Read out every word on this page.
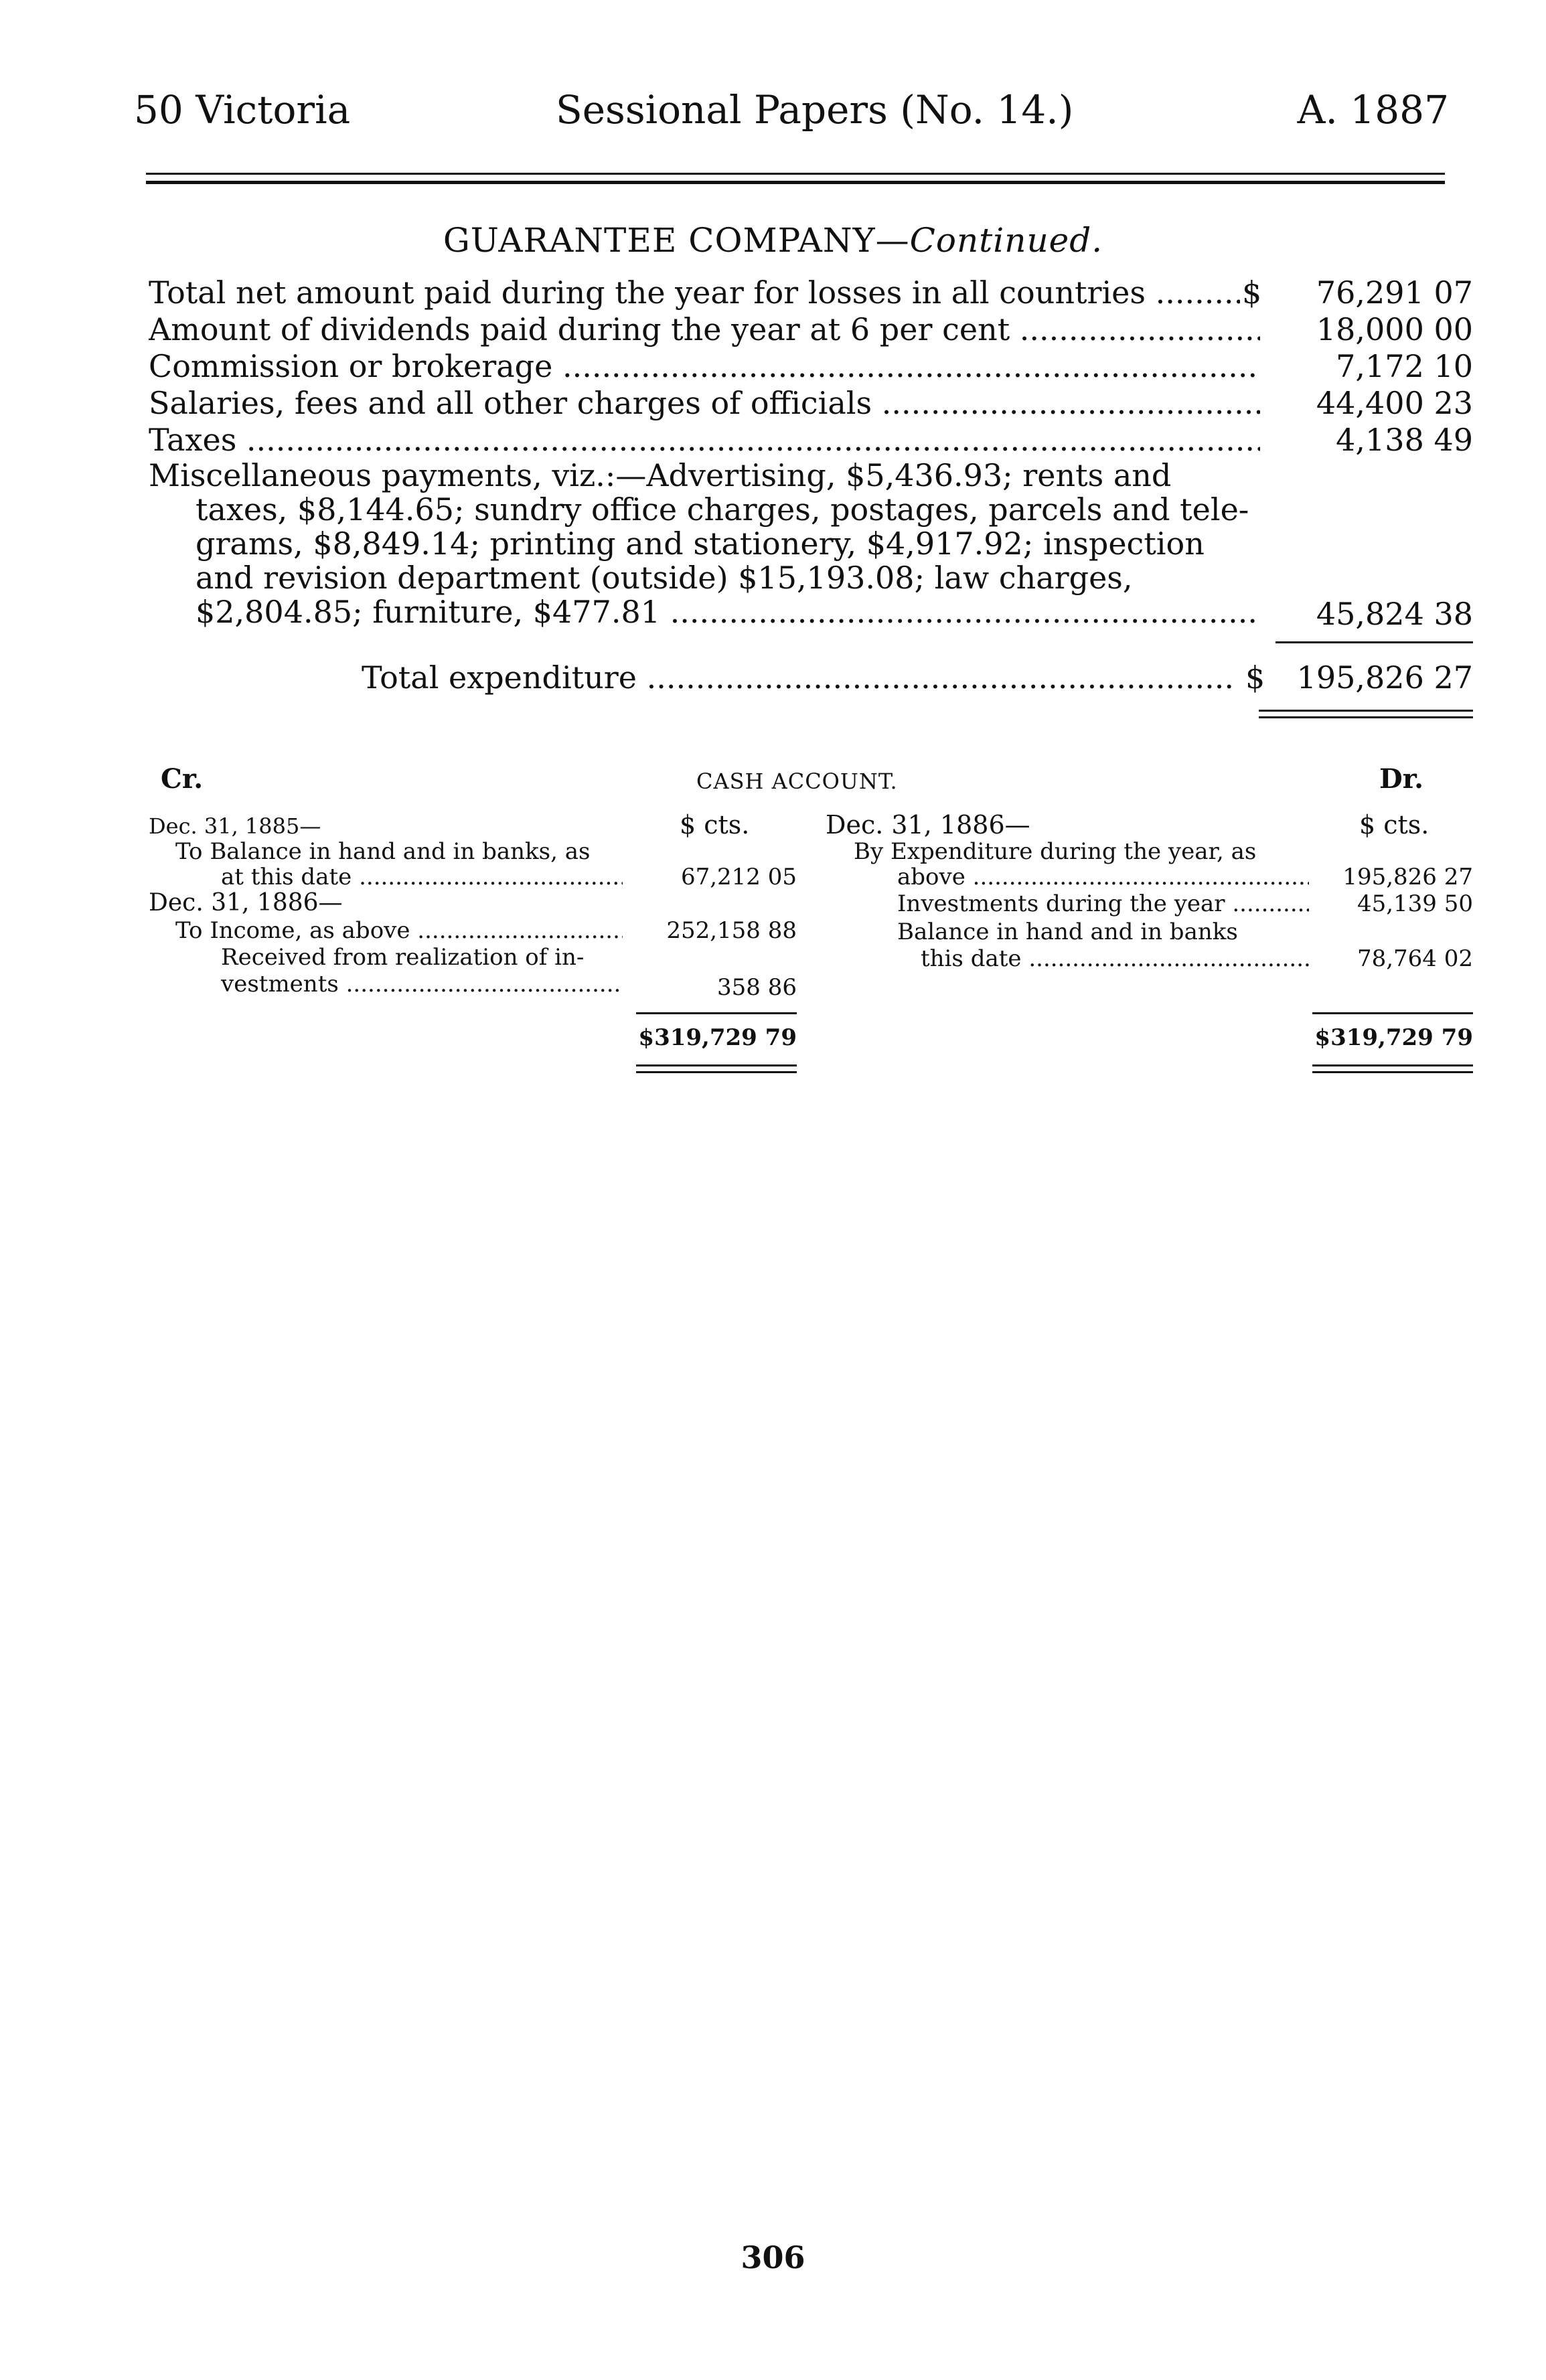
50 Victoria	Sessional Papers (No. 14.)	A. 1887
GUARANTEE COMPANY—Continued.
Total net amount paid during the year for losses in all countries .....	$	76,291 07
Amount of dividends paid during the year at 6 per cent .....	18,000 00
Commission or brokerage .....	7,172 10
Salaries, fees and all other charges of officials .....	44,400 23
Taxes .....	4,138 49
Miscellaneous payments, viz.:—Advertising, $5,436.93; rents and
taxes, $8,144.65; sundry office charges, postages, parcels and tele-
grams, $8,849.14; printing and stationery, $4,917.92; inspection
and revision department (outside) $15,193.08; law charges,
$2,804.85; furniture, $477.81 .....	45,824 38
Total expenditure .....	$	195,826 27
Cr.	CASH ACCOUNT.	Dr.
Dec. 31, 1885—	$ cts.
To Balance in hand and in banks, as
at this date .....	67,212 05
Dec. 31, 1886—
To Income, as above .....	252,158 88
Received from realization of in-
vestments .....	358 86
$319,729 79
Dec. 31, 1886—	$ cts.
By Expenditure during the year, as
above .....	195,826 27
Investments during the year .....	45,139 50
Balance in hand and in banks
this date .....	78,764 02
$319,729 79
306
